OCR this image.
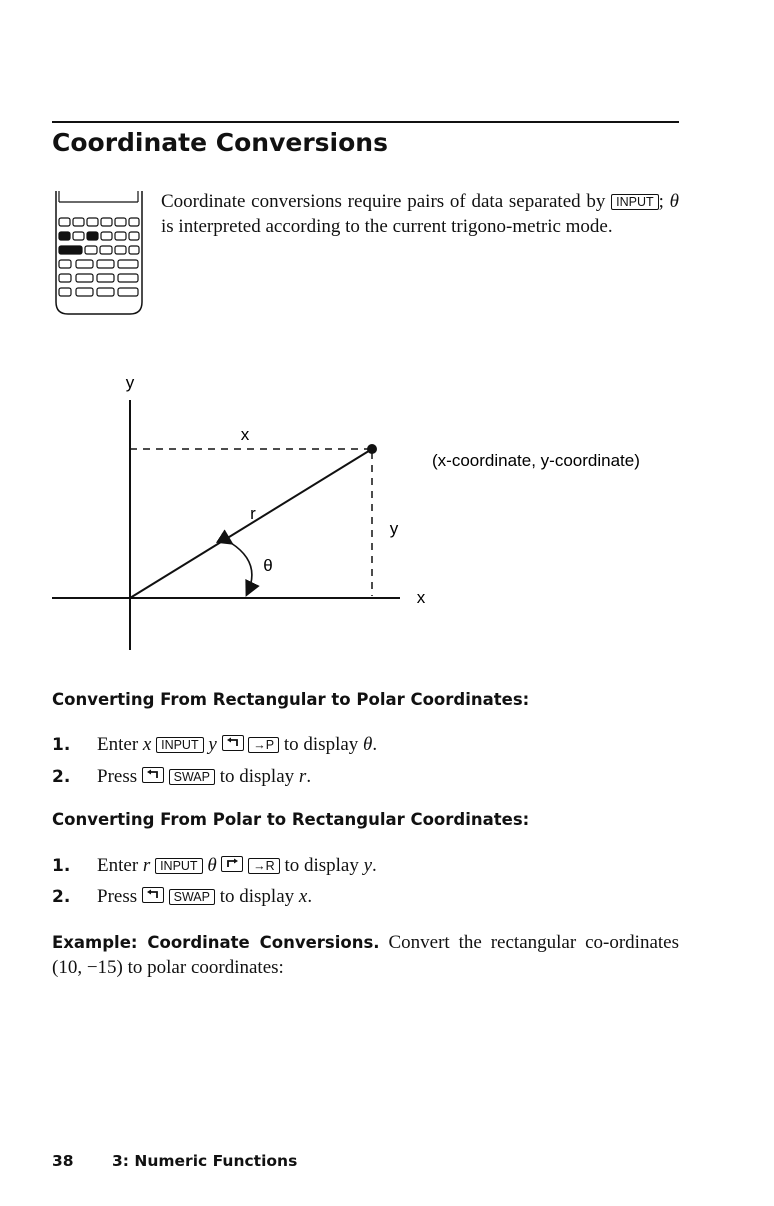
Coordinate Conversions
Coordinate conversions require pairs of data separated by INPUT ; θ is interpreted according to the current trigono-metric mode.
y
x
x
y
r
θ
(x-coordinate, y-coordinate)
Converting From Rectangular to Polar Coordinates:
1. Enter x INPUT y	→P to display θ.
2. Press	SWAP to display r.
Converting From Polar to Rectangular Coordinates:
1. Enter r INPUT θ	→R to display y.
2. Press	SWAP to display x.
Example: Coordinate Conversions. Convert the rectangular co-ordinates (10, −15) to polar coordinates:
38 3: Numeric Functions
